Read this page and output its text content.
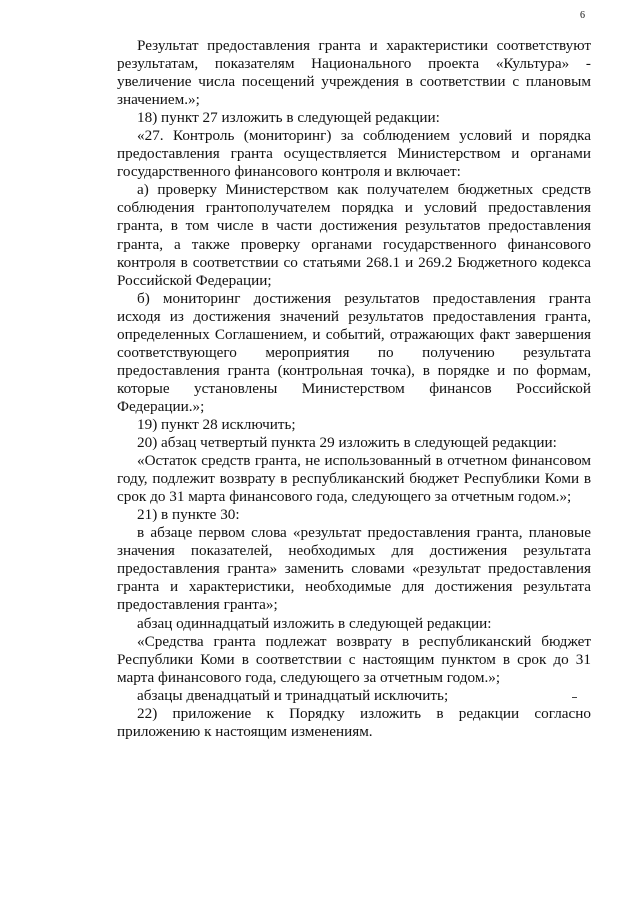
6

Результат предоставления гранта и характеристики соответствуют результатам, показателям Национального проекта «Культура» - увеличение числа посещений учреждения в соответствии с плановым значением.»;

18) пункт 27 изложить в следующей редакции:

«27. Контроль (мониторинг) за соблюдением условий и порядка предоставления гранта осуществляется Министерством и органами государственного финансового контроля и включает:

а) проверку Министерством как получателем бюджетных средств соблюдения грантополучателем порядка и условий предоставления гранта, в том числе в части достижения результатов предоставления гранта, а также проверку органами государственного финансового контроля в соответствии со статьями 268.1 и 269.2 Бюджетного кодекса Российской Федерации;

б) мониторинг достижения результатов предоставления гранта исходя из достижения значений результатов предоставления гранта, определенных Соглашением, и событий, отражающих факт завершения соответствующего мероприятия по получению результата предоставления гранта (контрольная точка), в порядке и по формам, которые установлены Министерством финансов Российской Федерации.»;

19) пункт 28 исключить;

20) абзац четвертый пункта 29 изложить в следующей редакции:

«Остаток средств гранта, не использованный в отчетном финансовом году, подлежит возврату в республиканский бюджет Республики Коми в срок до 31 марта финансового года, следующего за отчетным годом.»;

21) в пункте 30:

в абзаце первом слова «результат предоставления гранта, плановые значения показателей, необходимых для достижения результата предоставления гранта» заменить словами «результат предоставления гранта и характеристики, необходимые для достижения результата предоставления гранта»;

абзац одиннадцатый изложить в следующей редакции:

«Средства гранта подлежат возврату в республиканский бюджет Республики Коми в соответствии с настоящим пунктом в срок до 31 марта финансового года, следующего за отчетным годом.»;

абзацы двенадцатый и тринадцатый исключить;

22) приложение к Порядку изложить в редакции согласно приложению к настоящим изменениям.
